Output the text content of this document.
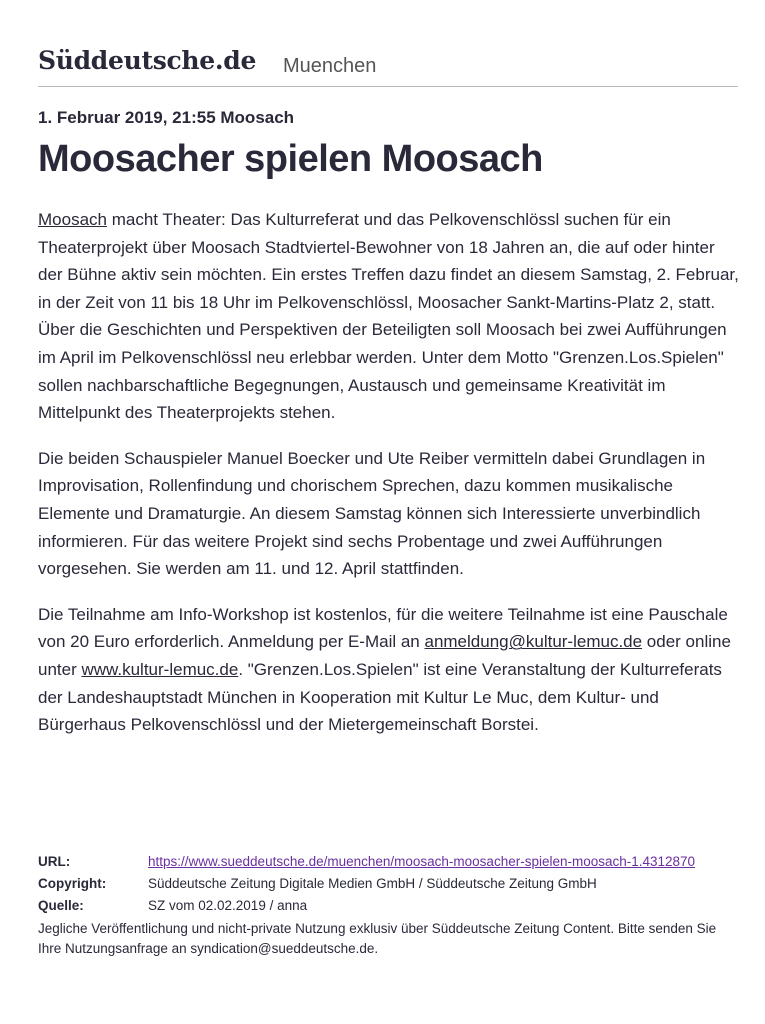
Süddeutsche.de Muenchen
1. Februar 2019, 21:55 Moosach
Moosacher spielen Moosach

Moosach macht Theater: Das Kulturreferat und das Pelkovenschlössl suchen für ein Theaterprojekt über Moosach Stadtviertel-Bewohner von 18 Jahren an, die auf oder hinter der Bühne aktiv sein möchten. Ein erstes Treffen dazu findet an diesem Samstag, 2. Februar, in der Zeit von 11 bis 18 Uhr im Pelkovenschlössl, Moosacher Sankt-Martins-Platz 2, statt. Über die Geschichten und Perspektiven der Beteiligten soll Moosach bei zwei Aufführungen im April im Pelkovenschlössl neu erlebbar werden. Unter dem Motto "Grenzen.Los.Spielen" sollen nachbarschaftliche Begegnungen, Austausch und gemeinsame Kreativität im Mittelpunkt des Theaterprojekts stehen.

Die beiden Schauspieler Manuel Boecker und Ute Reiber vermitteln dabei Grundlagen in Improvisation, Rollenfindung und chorischem Sprechen, dazu kommen musikalische Elemente und Dramaturgie. An diesem Samstag können sich Interessierte unverbindlich informieren. Für das weitere Projekt sind sechs Probentage und zwei Aufführungen vorgesehen. Sie werden am 11. und 12. April stattfinden.

Die Teilnahme am Info-Workshop ist kostenlos, für die weitere Teilnahme ist eine Pauschale von 20 Euro erforderlich. Anmeldung per E-Mail an anmeldung@kultur-lemuc.de oder online unter www.kultur-lemuc.de. "Grenzen.Los.Spielen" ist eine Veranstaltung der Kulturreferats der Landeshauptstadt München in Kooperation mit Kultur Le Muc, dem Kultur- und Bürgerhaus Pelkovenschlössl und der Mietergemeinschaft Borstei.

URL:	https://www.sueddeutsche.de/muenchen/moosach-moosacher-spielen-moosach-1.4312870
Copyright:	Süddeutsche Zeitung Digitale Medien GmbH / Süddeutsche Zeitung GmbH
Quelle:	SZ vom 02.02.2019 / anna
Jegliche Veröffentlichung und nicht-private Nutzung exklusiv über Süddeutsche Zeitung Content. Bitte senden Sie Ihre Nutzungsanfrage an syndication@sueddeutsche.de.
